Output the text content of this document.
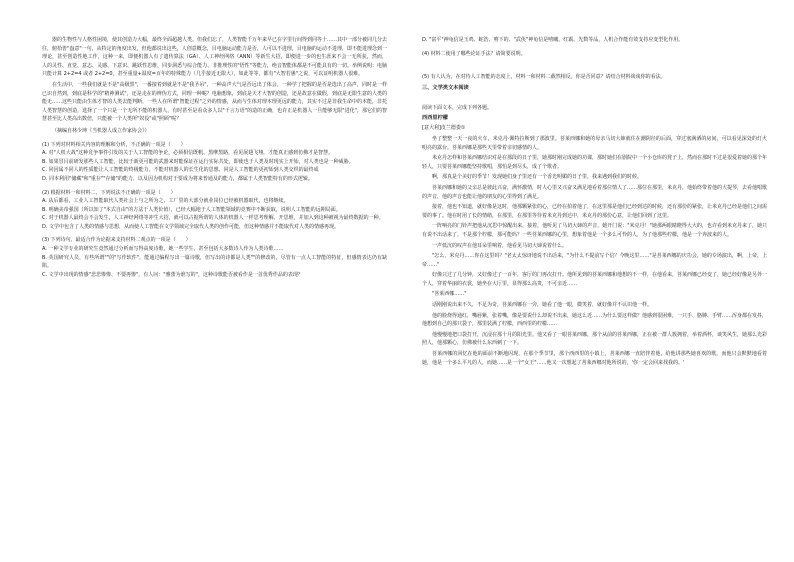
器的生物性与人格性困境，使其创造力大幅，最终全面超越人类。但我们忘了，人类智能千万年来早已在字里行间得到同等十……其中一部分被同几分去往，俯拾皆"盎意"一句，从特定的角度出发，但他都说出这些，人创意概念，目电脑运动能力是否，人可以不进理，目电脑的运动不进理，即不能进理念到一理论，甚至创造性地工作，这种一来，即便机器人有了遗传算法（GA）、人工神经网络（ANN）等新生大招，即便进一步的也生涯来不会一无所获，然而，人的灵性、直觉、意志、灵感、下意识、跳跃性思维，同步洞悉与综合能力、非推理性的"悟性"等能力，绝音智能体都是不可能具有的一切。举例说明：电脑只能计算 2+2=4 或者 2+2=0，甚至重量+温度=百年的特殊能力（几乎接近无限大），如此等等，都有"大智若愚"之说，可以证明机器人很难。

在生活中，一些我们就是不是"高级黑"，一番接着到就是不是"我圣吊"，一种高声大气是否远出了体会，一种学了把握的是否是选出了高声，同时是一样已识自然到，到底是科学的"精神测试"，还是走在的辨伪方式，同理一种呢？电脑想象，到底是天才大智的创造，还是故意在做假，到底是无限生意的人类的能无……这些只能由生体才智的人类去能判断，一些人在所谓"智能过程"之外的情感，从而与生体对理本理更远的能力，其实不过是非我生命中的本能，非托人类智慧的创造，选择了一个只是一个无所不能的机器人，有时甚至是看众多人以"千言万语"的造的正确，也许正是机器人一旦能够无限"进化"，那它们的智慧甚至比人类高出数倍，只能被一个人类所"奴役"或"照顾"呢？

（摘编自林少坤《当机器人成立作家协会》）

(1) 下列对材料相关内容的理解和分析，不正确的一项是（　　）

A. 对"人机大战"这种竞争事件引发的关于人工智能的争论，必须相信既帆、黑摩黑路，看见展翅飞翔，才能真正感到仿佛才是智慧。

B. 如果冒目前研发那些人工智能，比较于新更可能的武器来时能保证在运行实际共处，即使也于人类及时现实上开始，对人类也是一种威胁。

C. 同因属不同人的性质能让人工智能的终极能力，不能对机器人的长生化的思想，同是人工智能的更初始到人类交织的最终成

D. 同本利用"储藏"和"重存""存储"的能力，以及因为机构对于要成为将来普通及的能力，都属于人类智能特有的形式逻辑。

(2) 根据材料一和材料二，下列说法不正确的一项是（　　）

A. 从后都看，工业人工智能取代人类社会上与之所为之，工厂里的大部分就业岗位已经被机器取代，也将继续。

B. 明确美帝强国（所以知了"本式自由"的方法于人类价值），已经大幅地于人工智能领域的竞赛中不断获取，说明人工智能的远期局面。

C. 对于机器人最终会不会发生，人工神经网络等冲生大招，就可以占据所谓的人体的机器人一样思考理解、开思维，并加入到这种被视为最终数据的一种。

D. 文学中包含了人类的情感与思想，从而使人工智能在文学领域完全取代人类的创作可能，但这种情感并不能取代对人类的情感再现。

(3) 下列诗句，最适合作为论据来支持材料二观点的一项是（　　）

A. 一种文学专业的研究生竟然通过分析而写得高度诗歌，她一些学生，甚至包括大多数诗人作为人类诗歌……

B. 英国研究人员，有些所谓""的"写作软件"，能通过编程写出一篇诗歌，但写出的诗都是人类""的修改的，尽管有一点人工智能的特征，但感情表达仍有缺陷。

C. 文学中出现的情感"悲悲惨惨、不要再惨"，有人问："雅蕾为谁写的"，这种诗歌能否被看作是一首优秀作品的表现？

D. "富平"神龟信是玉鸡、蛇浩、嘻下的、"武侠"神龟信是嘻曦、红霸、先数等品，人机合作能有效支持应变型化作用。

(4) 材料二使用了哪些论证手法？请简要说明。

(5) 有人认为，在对待人工智能的态度上，材料一和材料二截然相反。你是否同意？请结合材料谈谈你的看法。

三、文学类文本阅读

阅读下面文本，完成下列各题。

西西里柠檬

[意大利]皮兰德娄①

坐了整整一天一夜的火车，米克丹·佩特拉斯到了那波里。菩莱西娜和她的母亲马切大婶就住在潮阴径的后面，穿过塞满酒的房间，可以看见深处的灯火明亮的露台。菩莱西娜是那些天里带着亲切感情的人。

米克丹怎样和菩莱西娜结识对是在那段的日子里，她那时刚完成她的功课，那时她们在剧院中一个小仓库的凳子上，然而在那时不过是很爱着她的那个年轻人，只要菩莱西娜能坚持歌唱，那怕是到尽头，成了个歌者。

啊，那真是个美好的季节！发现她们身子里还有一个香光明媚的日子里，我来遇到我们的时候。

菩莱西娜和她的父亲总是彼此兴奋，满怀激情，时人心里又兴奋又满足地看着那位情人了……那位在那里，米克丹，他始终带着他的大提琴，去看他唱歌的声音，他的声音也能让他的朋友的心里得到了满足。

接着，他也不知道，就好像是这时，他那颗紧张的心，已经在拍着他了，在这里那是他们已经到达的时候，还有那份的紧张，让米克丹已经是他们之间需要的事了。他在时用了长的情绪，在那里，在那里等待着米克丹到达中，米克丹的那份心意，让他们回到了这里。

一阵响亮的门铃声把他从沉思中惊醒出来，接着，他听见了马切大婶的声音，她开门说："米克丹！"她那两眼睛瞪得大大的，也许看到米克丹来了，她只有说不出话来了。不是那个柠檬，那可能吗？一些菩莱西娜的心里，想象着他是一个多么可怜的人，为了他那些柠檬，他是一个奔波来的人。

一声低沉的叹声在他耳朵里响着，他看见马切大婶说着什么。

"怎么，米克丹……你在这里吗？"老太太惊讶地说不出话来，"为什么不提前写个信？今晚这里……"是菩莱西娜的庆功会，她的专场演出，啊，上帝，上帝……"

好像只过了几分钟，又好像过了一百年，客厅的门再次打开。他所见到的菩莱西娜和他想的不一样，在他看来，菩莱西娜已经变了，她已经好像是另外一个人，穿着华丽的衣裳，她坐在大厅里，显得那么高贵，不可亲近……

"菩莱西娜……"

话刚刚说出来不久，不足为奇，菩莱西娜在一旁，她看了他一眼，微笑着，就好像并不认识他一样。

他的脸烧得通红，嘴唇紫，张着嘴，像是要说什么却说不出来，她这么近……为什么要这样做？他感到很困难，一只手、胳膊、手臂……浑身都在发抖，他想到自己的那只袋子，那里装满了柠檬，西西里的柠檬……

他慢慢地把口袋打开，沉浸在那十月的阳光里。他又看了一眼菩莱西娜，那个从前的菩莱西娜，正在被一群人簇拥着，举着酒杯，谈笑风生，她那么光彩照人，他那颗心，仿佛被什么东西刺了一下。

菩莱西娜的回忆在他的面前不断地闪现，在那个季节里，那个西西里的小镇上，菩莱西娜一直陪伴着他，给他讲那些她喜欢的歌。而他只会默默地看着她，他是一个多么平凡的人，而她……是一个"女王"……他又一次想起了菩莱西娜对他所说的，'你一定会回来找我的。'
